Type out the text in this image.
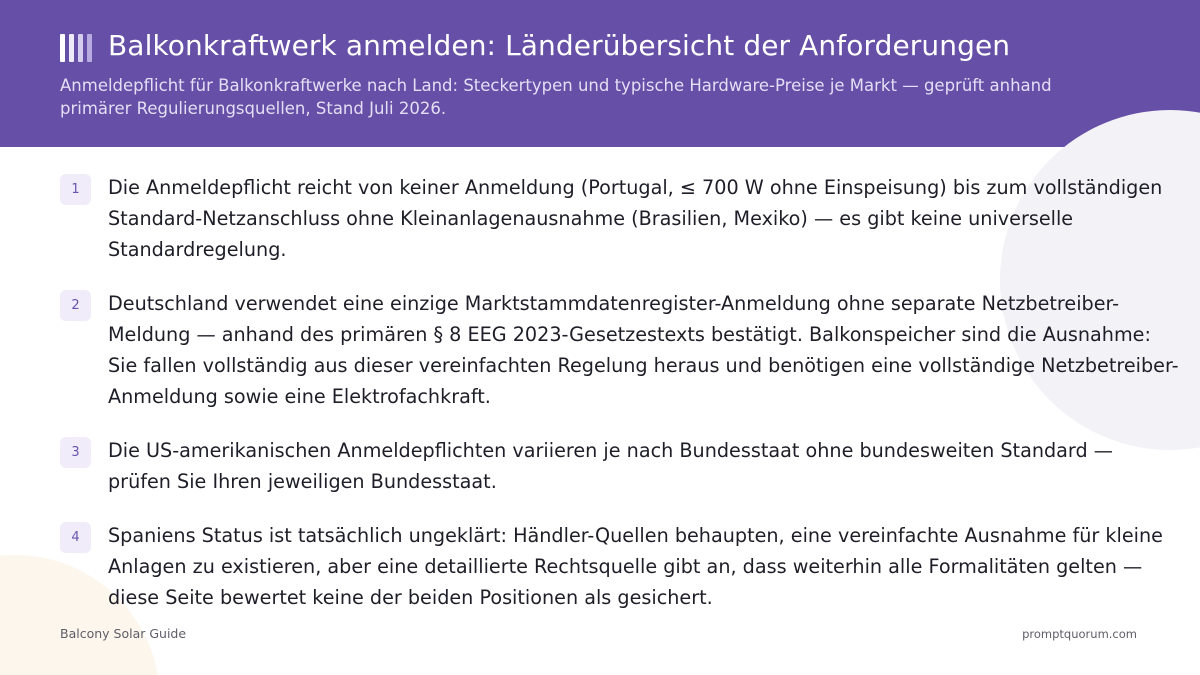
Balkonkraftwerk anmelden: Länderübersicht der Anforderungen

Anmeldepflicht für Balkonkraftwerke nach Land: Steckertypen und typische Hardware-Preise je Markt — geprüft anhand primärer Regulierungsquellen, Stand Juli 2026.

1	Die Anmeldepflicht reicht von keiner Anmeldung (Portugal, ≤ 700 W ohne Einspeisung) bis zum vollständigen Standard-Netzanschluss ohne Kleinanlagenausnahme (Brasilien, Mexiko) — es gibt keine universelle Standardregelung.

2	Deutschland verwendet eine einzige Marktstammdatenregister-Anmeldung ohne separate Netzbetreiber-Meldung — anhand des primären § 8 EEG 2023-Gesetzestexts bestätigt. Balkonspeicher sind die Ausnahme: Sie fallen vollständig aus dieser vereinfachten Regelung heraus und benötigen eine vollständige Netzbetreiber-Anmeldung sowie eine Elektrofachkraft.

3	Die US-amerikanischen Anmeldepflichten variieren je nach Bundesstaat ohne bundesweiten Standard — prüfen Sie Ihren jeweiligen Bundesstaat.

4	Spaniens Status ist tatsächlich ungeklärt: Händler-Quellen behaupten, eine vereinfachte Ausnahme für kleine Anlagen zu existieren, aber eine detaillierte Rechtsquelle gibt an, dass weiterhin alle Formalitäten gelten — diese Seite bewertet keine der beiden Positionen als gesichert.

Balcony Solar Guide	promptquorum.com
